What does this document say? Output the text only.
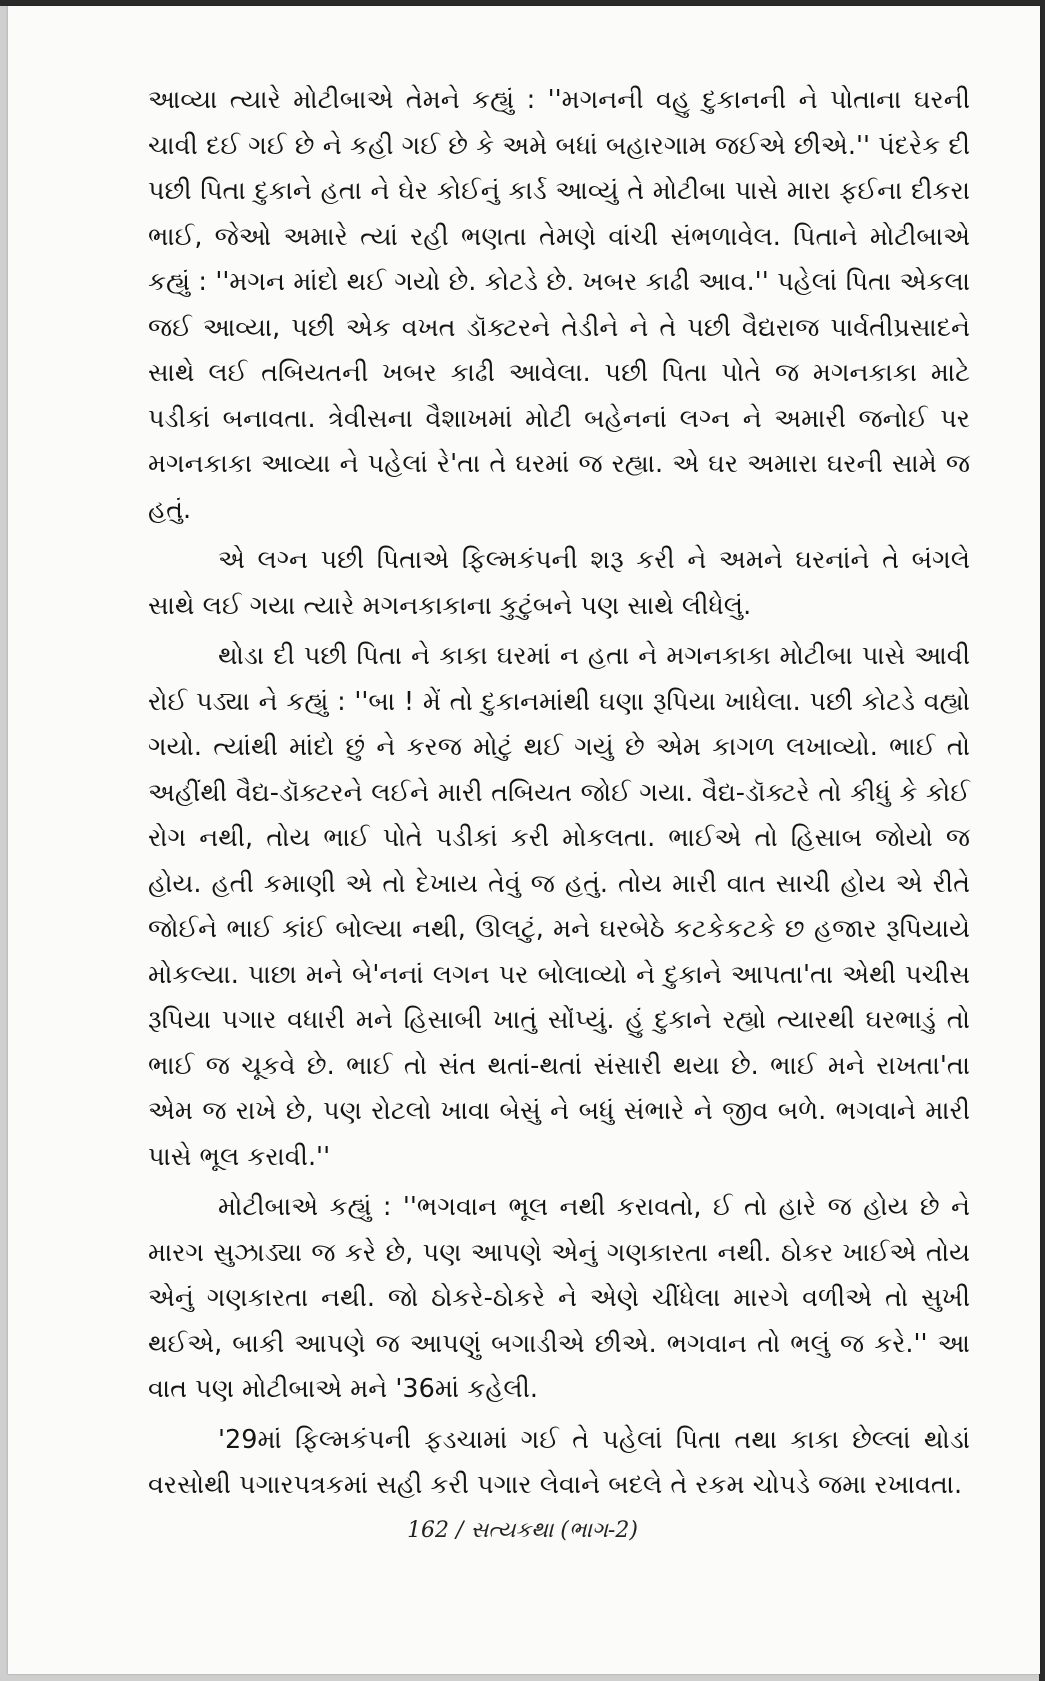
આવ્યા ત્યારે મોટીબાએ તેમને કહ્યું : ''મગનની વહુ દુકાનની ને પોતાના ઘરની ચાવી દઈ ગઈ છે ને કહી ગઈ છે કે અમે બધાં બહારગામ જઈએ છીએ.'' પંદરેક દી પછી પિતા દુકાને હતા ને ઘેર કોઈનું કાર્ડ આવ્યું તે મોટીબા પાસે મારા ફઈના દીકરા ભાઈ, જેઓ અમારે ત્યાં રહી ભણતા તેમણે વાંચી સંભળાવેલ. પિતાને મોટીબાએ કહ્યું : ''મગન માંદો થઈ ગયો છે. કોટડે છે. ખબર કાઢી આવ.'' પહેલાં પિતા એકલા જઈ આવ્યા, પછી એક વખત ડૉક્ટરને તેડીને ને તે પછી વૈદ્યરાજ પાર્વતીપ્રસાદને સાથે લઈ તબિયતની ખબર કાઢી આવેલા. પછી પિતા પોતે જ મગનકાકા માટે પડીકાં બનાવતા. ત્રેવીસના વૈશાખમાં મોટી બહેનનાં લગ્ન ને અમારી જનોઈ પર મગનકાકા આવ્યા ને પહેલાં રે'તા તે ઘરમાં જ રહ્યા. એ ઘર અમારા ઘરની સામે જ હતું.

એ લગ્ન પછી પિતાએ ફિલ્મકંપની શરૂ કરી ને અમને ઘરનાંને તે બંગલે સાથે લઈ ગયા ત્યારે મગનકાકાના કુટુંબને પણ સાથે લીધેલું.

થોડા દી પછી પિતા ને કાકા ઘરમાં ન હતા ને મગનકાકા મોટીબા પાસે આવી રોઈ પડ્યા ને કહ્યું : ''બા ! મેં તો દુકાનમાંથી ઘણા રૂપિયા ખાધેલા. પછી કોટડે વહ્યો ગયો. ત્યાંથી માંદો છું ને કરજ મોટું થઈ ગયું છે એમ કાગળ લખાવ્યો. ભાઈ તો અહીંથી વૈદ્ય-ડૉક્ટરને લઈને મારી તબિયત જોઈ ગયા. વૈદ્ય-ડૉક્ટરે તો કીધું કે કોઈ રોગ નથી, તોય ભાઈ પોતે પડીકાં કરી મોકલતા. ભાઈએ તો હિસાબ જોયો જ હોય. હતી કમાણી એ તો દેખાય તેવું જ હતું. તોય મારી વાત સાચી હોય એ રીતે જોઈને ભાઈ કાંઈ બોલ્યા નથી, ઊલટું, મને ઘરબેઠે કટકેકટકે છ હજાર રૂપિયાયે મોકલ્યા. પાછા મને બે'નનાં લગન પર બોલાવ્યો ને દુકાને આપતા'તા એથી પચીસ રૂપિયા પગાર વધારી મને હિસાબી ખાતું સોંપ્યું. હું દુકાને રહ્યો ત્યારથી ઘરભાડું તો ભાઈ જ ચૂકવે છે. ભાઈ તો સંત થતાં-થતાં સંસારી થયા છે. ભાઈ મને રાખતા'તા એમ જ રાખે છે, પણ રોટલો ખાવા બેસું ને બધું સંભારે ને જીવ બળે. ભગવાને મારી પાસે ભૂલ કરાવી.''

મોટીબાએ કહ્યું : ''ભગવાન ભૂલ નથી કરાવતો, ઈ તો હારે જ હોય છે ને મારગ સુઝાડ્યા જ કરે છે, પણ આપણે એનું ગણકારતા નથી. ઠોકર ખાઈએ તોય એનું ગણકારતા નથી. જો ઠોકરે-ઠોકરે ને એણે ચીંધેલા મારગે વળીએ તો સુખી થઈએ, બાકી આપણે જ આપણું બગાડીએ છીએ. ભગવાન તો ભલું જ કરે.'' આ વાત પણ મોટીબાએ મને '36માં કહેલી.

'29માં ફિલ્મકંપની ફડચામાં ગઈ તે પહેલાં પિતા તથા કાકા છેલ્લાં થોડાં વરસોથી પગારપત્રકમાં સહી કરી પગાર લેવાને બદલે તે રકમ ચોપડે જમા રખાવતા.

162 / સત્યકથા (ભાગ-2)
